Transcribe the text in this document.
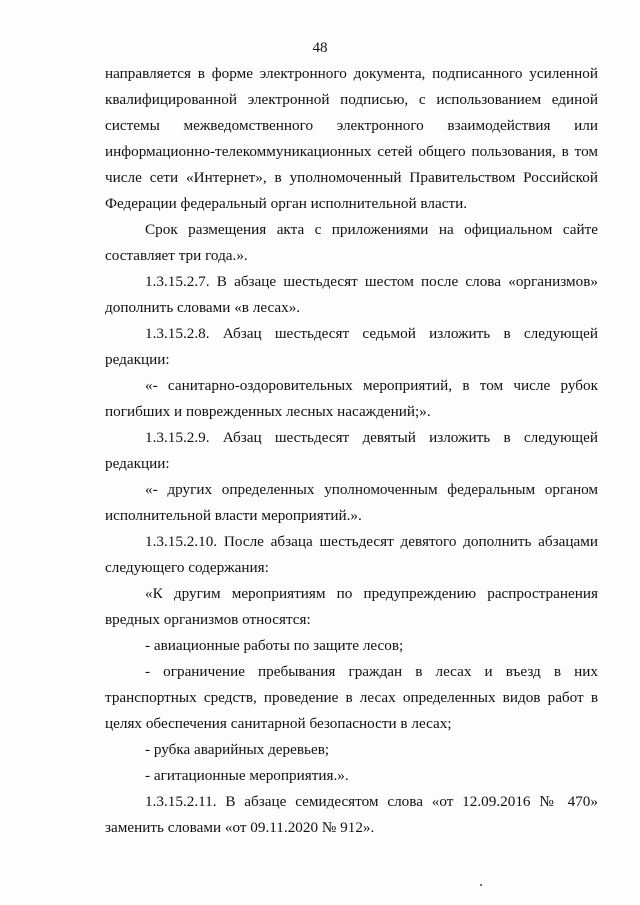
48

направляется в форме электронного документа, подписанного усиленной квалифицированной электронной подписью, с использованием единой системы межведомственного электронного взаимодействия или информационно-телекоммуникационных сетей общего пользования, в том числе сети «Интернет», в уполномоченный Правительством Российской Федерации федеральный орган исполнительной власти.

Срок размещения акта с приложениями на официальном сайте составляет три года.».

1.3.15.2.7. В абзаце шестьдесят шестом после слова «организмов» дополнить словами «в лесах».

1.3.15.2.8. Абзац шестьдесят седьмой изложить в следующей редакции:

«- санитарно-оздоровительных мероприятий, в том числе рубок погибших и поврежденных лесных насаждений;».

1.3.15.2.9. Абзац шестьдесят девятый изложить в следующей редакции:

«- других определенных уполномоченным федеральным органом исполнительной власти мероприятий.».

1.3.15.2.10. После абзаца шестьдесят девятого дополнить абзацами следующего содержания:

«К другим мероприятиям по предупреждению распространения вредных организмов относятся:

- авиационные работы по защите лесов;

- ограничение пребывания граждан в лесах и въезд в них транспортных средств, проведение в лесах определенных видов работ в целях обеспечения санитарной безопасности в лесах;

- рубка аварийных деревьев;

- агитационные мероприятия.».

1.3.15.2.11. В абзаце семидесятом слова «от 12.09.2016 № 470» заменить словами «от 09.11.2020 № 912».
